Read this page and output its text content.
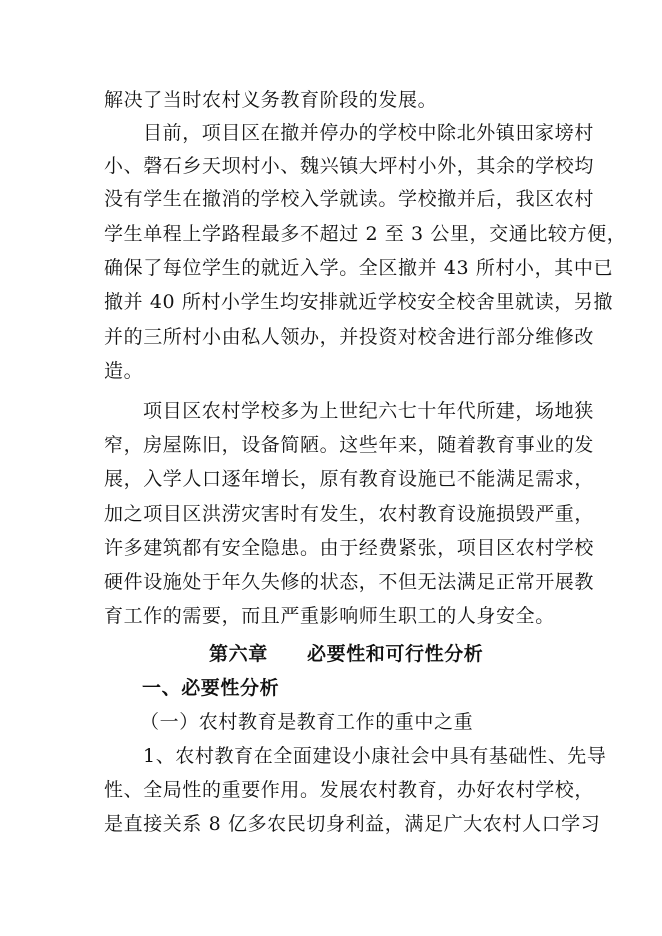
解决了当时农村义务教育阶段的发展。
目前，项目区在撤并停办的学校中除北外镇田家塝村
小、磬石乡天坝村小、魏兴镇大坪村小外，其余的学校均
没有学生在撤消的学校入学就读。学校撤并后，我区农村
学生单程上学路程最多不超过 2 至 3 公里，交通比较方便，
确保了每位学生的就近入学。全区撤并 43 所村小，其中已
撤并 40 所村小学生均安排就近学校安全校舍里就读，另撤
并的三所村小由私人领办，并投资对校舍进行部分维修改
造。
项目区农村学校多为上世纪六七十年代所建，场地狭
窄，房屋陈旧，设备简陋。这些年来，随着教育事业的发
展，入学人口逐年增长，原有教育设施已不能满足需求，
加之项目区洪涝灾害时有发生，农村教育设施损毁严重，
许多建筑都有安全隐患。由于经费紧张，项目区农村学校
硬件设施处于年久失修的状态，不但无法满足正常开展教
育工作的需要，而且严重影响师生职工的人身安全。
第六章　　必要性和可行性分析
一、必要性分析
（一）农村教育是教育工作的重中之重
1、农村教育在全面建设小康社会中具有基础性、先导
性、全局性的重要作用。发展农村教育，办好农村学校，
是直接关系 8 亿多农民切身利益，满足广大农村人口学习
